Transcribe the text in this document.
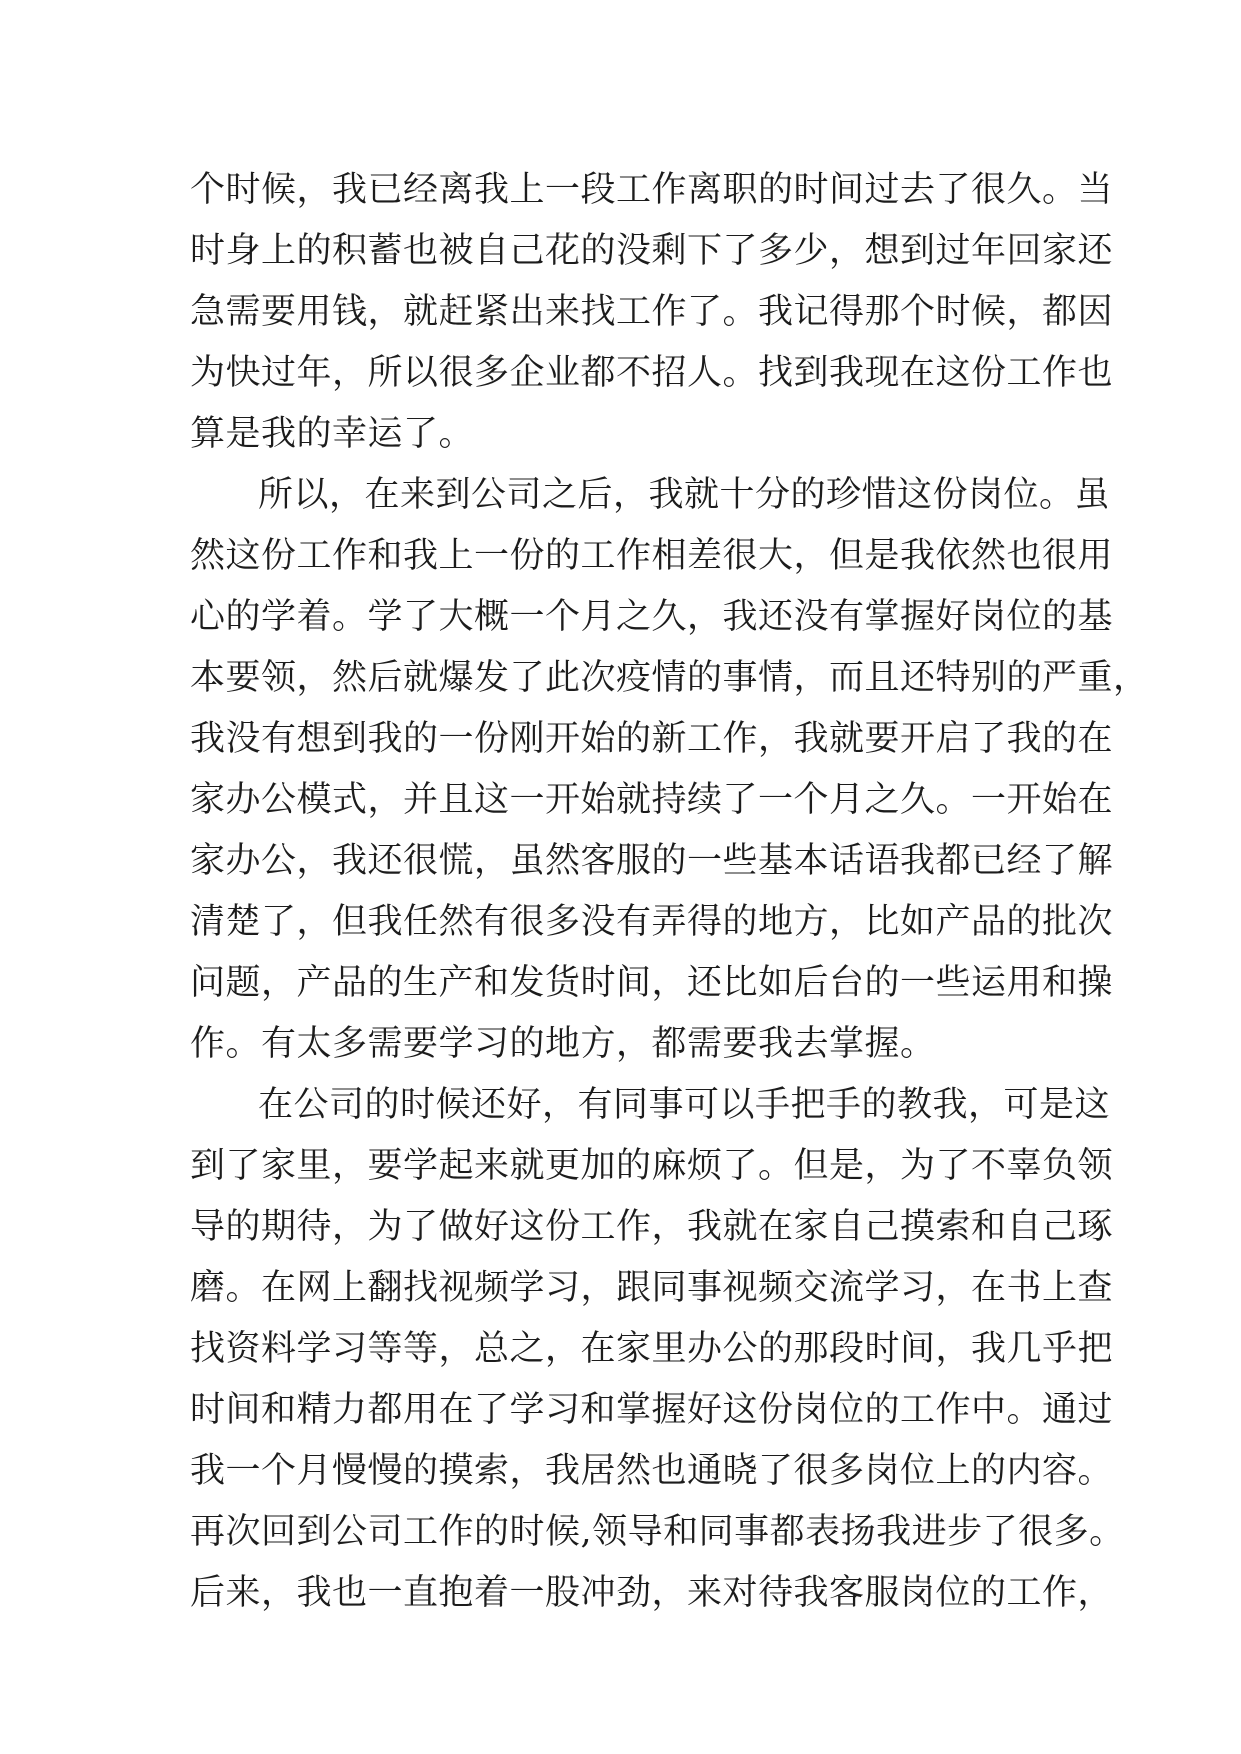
个时候，我已经离我上一段工作离职的时间过去了很久。当
时身上的积蓄也被自己花的没剩下了多少，想到过年回家还
急需要用钱，就赶紧出来找工作了。我记得那个时候，都因
为快过年，所以很多企业都不招人。找到我现在这份工作也
算是我的幸运了。
所以，在来到公司之后，我就十分的珍惜这份岗位。虽
然这份工作和我上一份的工作相差很大，但是我依然也很用
心的学着。学了大概一个月之久，我还没有掌握好岗位的基
本要领，然后就爆发了此次疫情的事情，而且还特别的严重，
我没有想到我的一份刚开始的新工作，我就要开启了我的在
家办公模式，并且这一开始就持续了一个月之久。一开始在
家办公，我还很慌，虽然客服的一些基本话语我都已经了解
清楚了，但我任然有很多没有弄得的地方，比如产品的批次
问题，产品的生产和发货时间，还比如后台的一些运用和操
作。有太多需要学习的地方，都需要我去掌握。
在公司的时候还好，有同事可以手把手的教我，可是这
到了家里，要学起来就更加的麻烦了。但是，为了不辜负领
导的期待，为了做好这份工作，我就在家自己摸索和自己琢
磨。在网上翻找视频学习，跟同事视频交流学习，在书上查
找资料学习等等，总之，在家里办公的那段时间，我几乎把
时间和精力都用在了学习和掌握好这份岗位的工作中。通过
我一个月慢慢的摸索，我居然也通晓了很多岗位上的内容。
再次回到公司工作的时候,领导和同事都表扬我进步了很多。
后来，我也一直抱着一股冲劲，来对待我客服岗位的工作，
